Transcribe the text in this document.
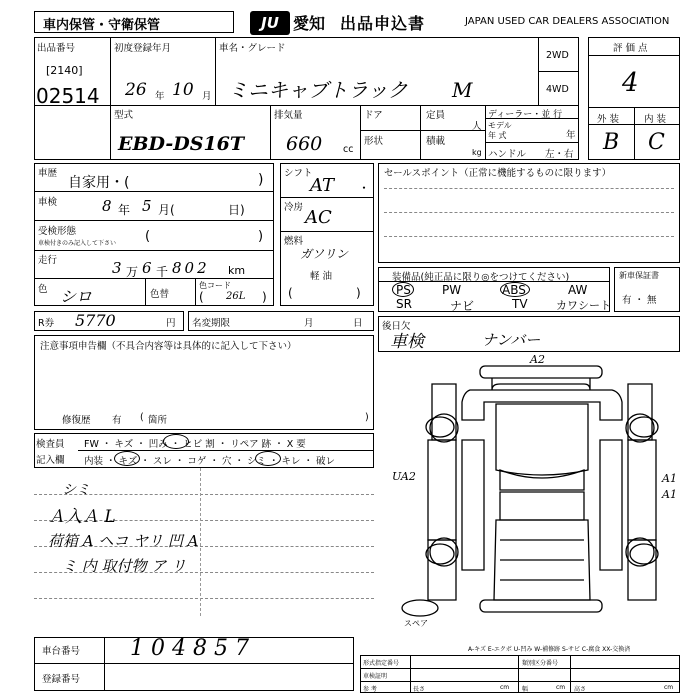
車内保管・守衛保管	JU 愛知 出品申込書	JAPAN USED CAR DEALERS ASSOCIATION
出品番号
[2140]
02514
初度登録年月
26 年 10 月
車名・グレード
ミニキャブトラック M
2WD
4WD
型式
EBD-DS16T
排気量
660 cc
ドア
形状
定員
人
積載
kg
ディーラー・並 行
モデル
年 式	年
ハンドル 左・右
評 価 点
4
外 装	内 装
B C
車歴
自家用・(	)
車検	8 年 5 月(	日)
受検形態
車検付きのみ記入して下さい (	)
走行	3 万 6 千 802 km
色 シロ	色替
色コード
( 26L )
シフト
AT ・
冷房 AC
燃料
ガソリン
軽 油
(	)
セールスポイント（正常に機能するものに限ります）
装備品(純正品に限り◎をつけてください)
PS	PW	ABS	AW
SR	ナビ	TV	カワシート
新車保証書
有 ・ 無
R券 5770	円 名変期限	月	日
注意事項申告欄（不具合内容等は具体的に記入して下さい）
修復歴 有 ( 箇所	)
後日欠
車検	ナンバー
検査員
記入欄
FW ・ キズ ・ 凹み ・ ヒビ 割 ・ リペア 跡 ・ X 要
内装 ・ キズ ・ スレ ・ コゲ ・ 穴 ・ シミ ・ キレ ・ 破レ
シミ
Ａ入Ａ L
荷箱 A ヘコ ヤリ 凹 A
ミ 内 取付物 ア リ
A2
UA2	A1
A1
スペア
A-キズ E-エクボ U-凹み W-補修跡 S-サビ C-腐食 XX-交換済
車台番号 104857
登録番号
形式指定番号	類別区分番号
車検証明
参 考	長さ	幅	高さ
cm	cm	cm
